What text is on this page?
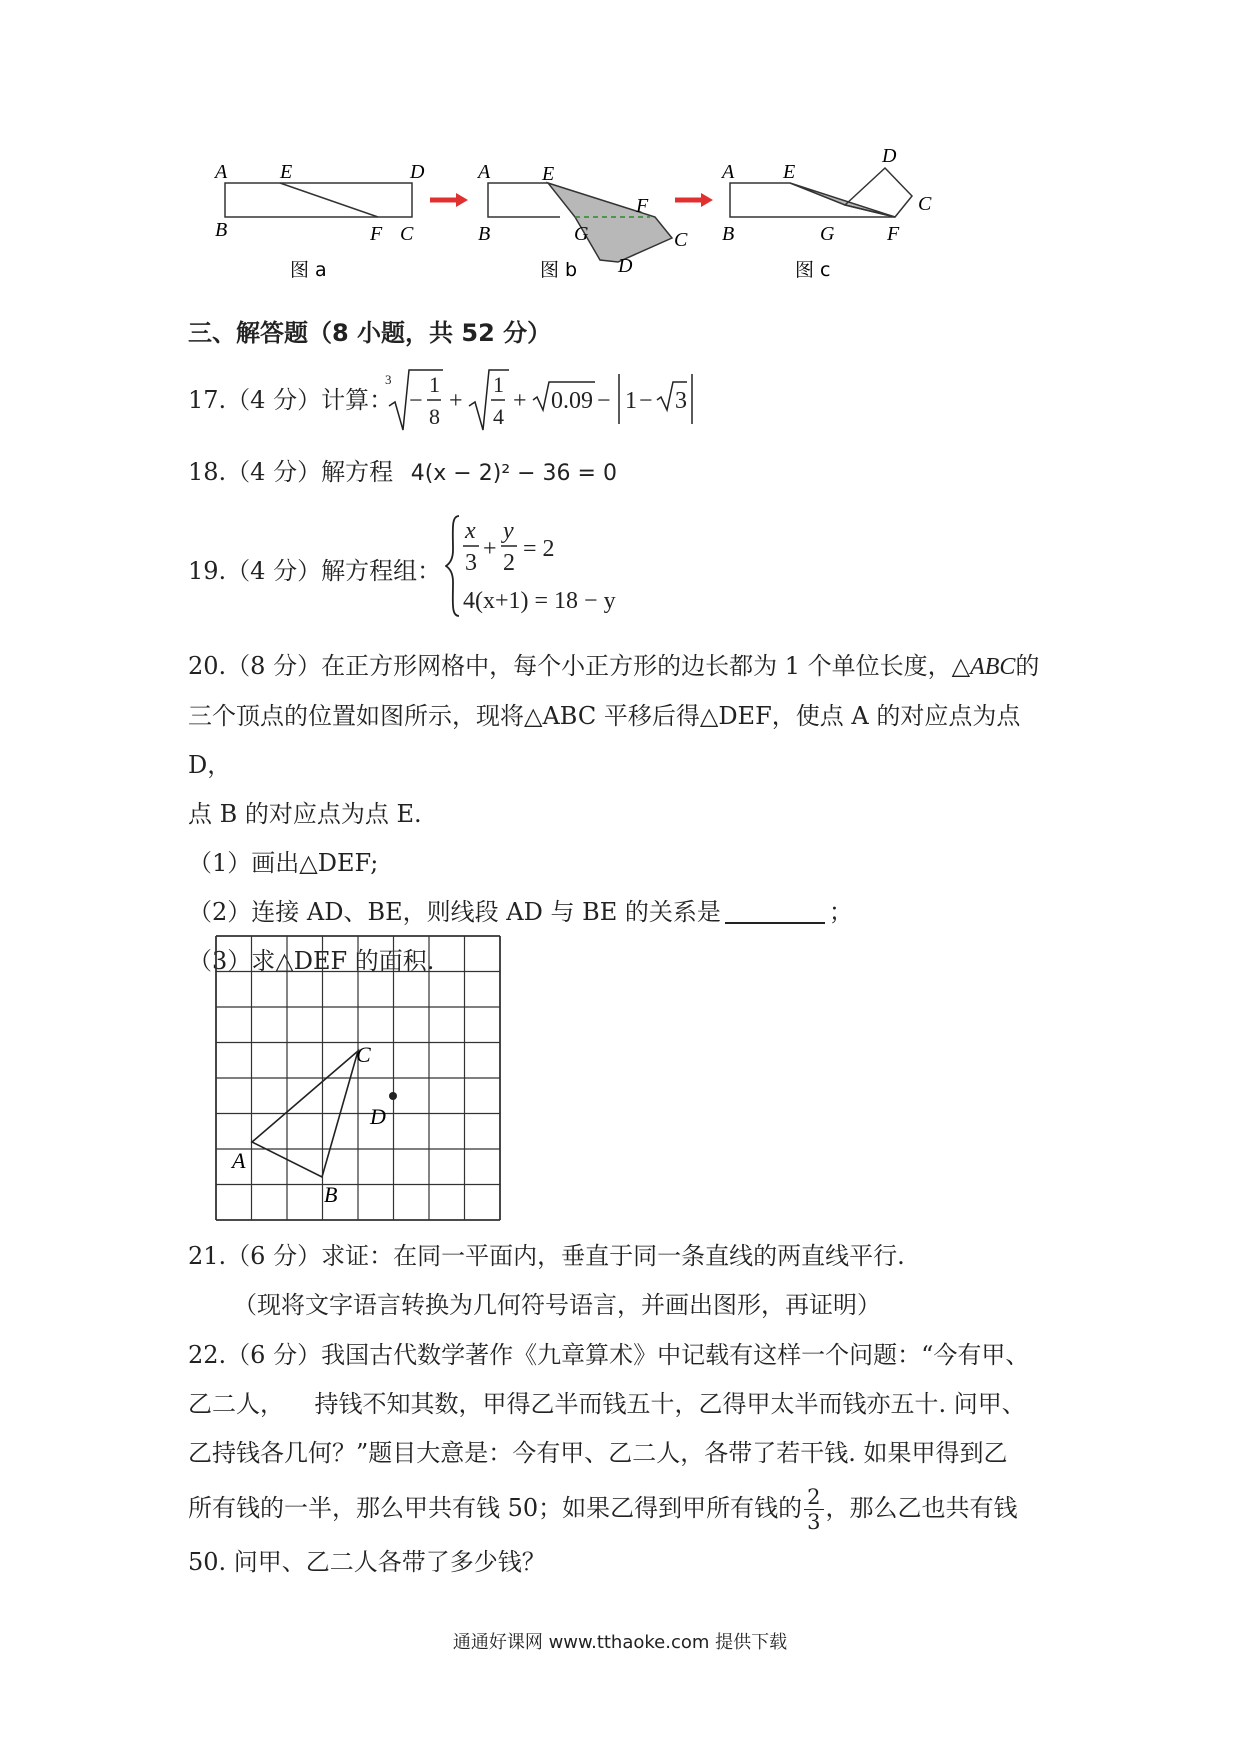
A	E	D
B	F C
图 a
A	E
F
B	G	C
D
图 b
A E
D
C
B	G	F
图 c
三、解答题（8 小题，共 52 分）
17.（4 分）计算：
3
−
1
8
+
1
4
+ 0.09 − 1 − 3
18.（4 分）解方程 4(x − 2)² − 36 = 0
19.（4 分）解方程组：
x
3
+
y
2
= 2
4(x+1) = 18 − y
20.（8 分）在正方形网格中，每个小正方形的边长都为 1 个单位长度，△ABC的
三个顶点的位置如图所示，现将△ABC 平移后得△DEF，使点 A 的对应点为点 D，
点 B 的对应点为点 E.
（1）画出△DEF;
（2）连接 AD、BE，则线段 AD 与 BE 的关系是	；
（3）求△DEF 的面积.
A
B
C
D
21.（6 分）求证：在同一平面内，垂直于同一条直线的两直线平行.
（现将文字语言转换为几何符号语言，并画出图形，再证明）
22.（6 分）我国古代数学著作《九章算术》中记载有这样一个问题：“今有甲、
乙二人，    持钱不知其数，甲得乙半而钱五十，乙得甲太半而钱亦五十. 问甲、
乙持钱各几何？”题目大意是：今有甲、乙二人，各带了若干钱. 如果甲得到乙
所有钱的一半，那么甲共有钱 50；如果乙得到甲所有钱的 $\frac{2}{3}$ ，那么乙也共有钱
50. 问甲、乙二人各带了多少钱？
通通好课网 www.tthaoke.com 提供下载
